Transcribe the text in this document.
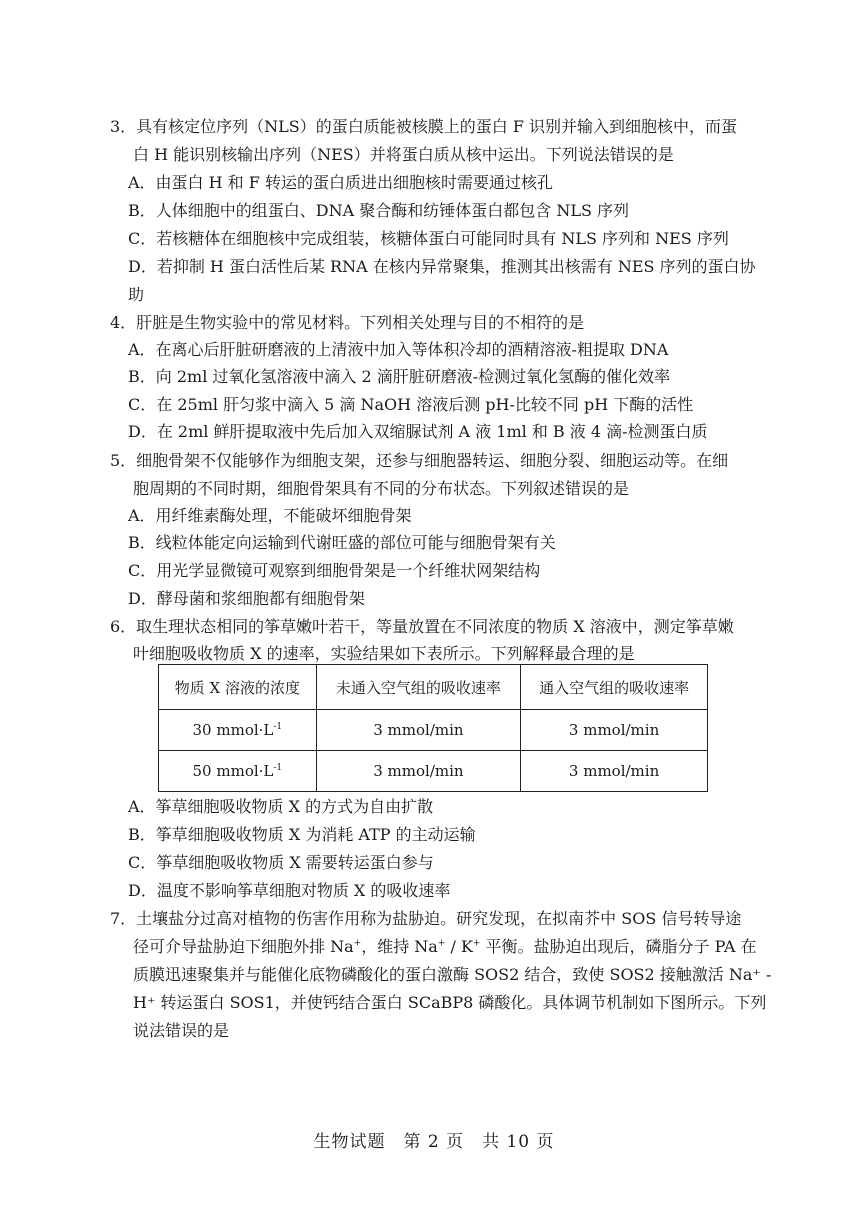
3．具有核定位序列（NLS）的蛋白质能被核膜上的蛋白 F 识别并输入到细胞核中，而蛋
白 H 能识别核输出序列（NES）并将蛋白质从核中运出。下列说法错误的是
A．由蛋白 H 和 F 转运的蛋白质进出细胞核时需要通过核孔
B．人体细胞中的组蛋白、DNA 聚合酶和纺锤体蛋白都包含 NLS 序列
C．若核糖体在细胞核中完成组装，核糖体蛋白可能同时具有 NLS 序列和 NES 序列
D．若抑制 H 蛋白活性后某 RNA 在核内异常聚集，推测其出核需有 NES 序列的蛋白协
助
4．肝脏是生物实验中的常见材料。下列相关处理与目的不相符的是
A．在离心后肝脏研磨液的上清液中加入等体积冷却的酒精溶液-粗提取 DNA
B．向 2ml 过氧化氢溶液中滴入 2 滴肝脏研磨液-检测过氧化氢酶的催化效率
C．在 25ml 肝匀浆中滴入 5 滴 NaOH 溶液后测 pH-比较不同 pH 下酶的活性
D．在 2ml 鲜肝提取液中先后加入双缩脲试剂 A 液 1ml 和 B 液 4 滴-检测蛋白质
5．细胞骨架不仅能够作为细胞支架，还参与细胞器转运、细胞分裂、细胞运动等。在细
胞周期的不同时期，细胞骨架具有不同的分布状态。下列叙述错误的是
A．用纤维素酶处理，不能破坏细胞骨架
B．线粒体能定向运输到代谢旺盛的部位可能与细胞骨架有关
C．用光学显微镜可观察到细胞骨架是一个纤维状网架结构
D．酵母菌和浆细胞都有细胞骨架
6．取生理状态相同的筝草嫩叶若干，等量放置在不同浓度的物质 X 溶液中，测定筝草嫩
叶细胞吸收物质 X 的速率，实验结果如下表所示。下列解释最合理的是
物质 X 溶液的浓度	未通入空气组的吸收速率	通入空气组的吸收速率
30 $mmol\cdot L^{-1}$	3 mmol/min	3 mmol/min
50 $mmol\cdot L^{-1}$	3 mmol/min	3 mmol/min
A．筝草细胞吸收物质 X 的方式为自由扩散
B．筝草细胞吸收物质 X 为消耗 ATP 的主动运输
C．筝草细胞吸收物质 X 需要转运蛋白参与
D．温度不影响筝草细胞对物质 X 的吸收速率
7．土壤盐分过高对植物的伤害作用称为盐胁迫。研究发现，在拟南芥中 SOS 信号转导途
径可介导盐胁迫下细胞外排 Na+，维持 Na+ / K+ 平衡。盐胁迫出现后，磷脂分子 PA 在
质膜迅速聚集并与能催化底物磷酸化的蛋白激酶 SOS2 结合，致使 SOS2 接触激活 Na⁺ -
H⁺ 转运蛋白 SOS1，并使钙结合蛋白 SCaBP8 磷酸化。具体调节机制如下图所示。下列
说法错误的是
生物试题　第 2 页　共 10 页
